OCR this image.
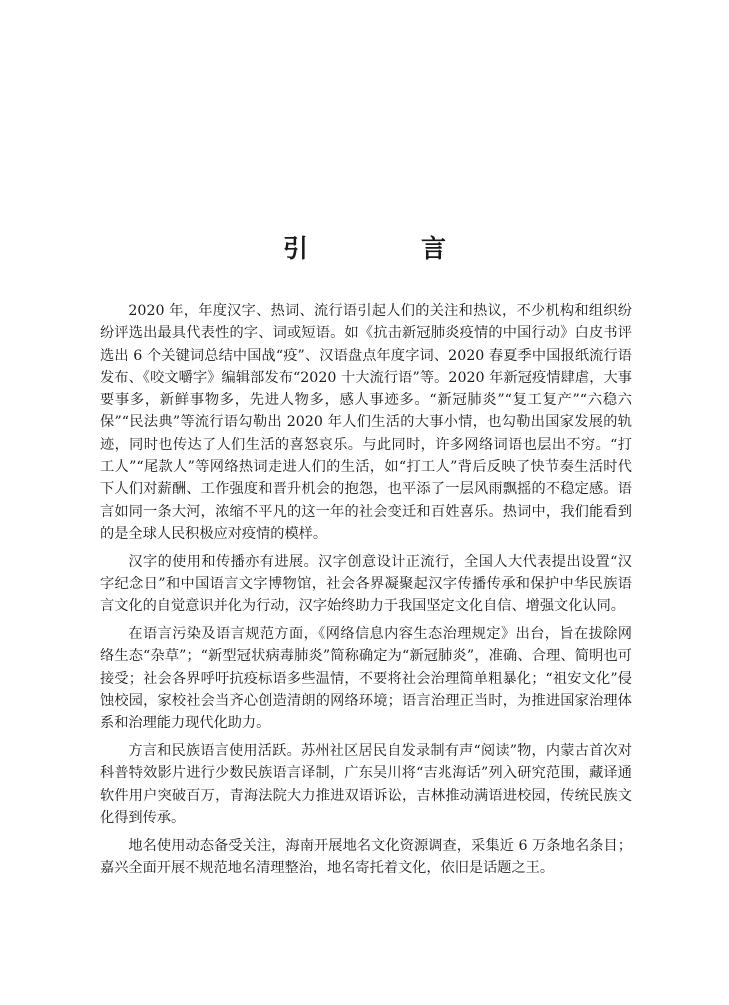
引　言

2020 年，年度汉字、热词、流行语引起人们的关注和热议，不少机构和组织纷纷评选出最具代表性的字、词或短语。如《抗击新冠肺炎疫情的中国行动》白皮书评选出 6 个关键词总结中国战“疫”、汉语盘点年度字词、2020 春夏季中国报纸流行语发布、《咬文嚼字》编辑部发布“2020 十大流行语”等。2020 年新冠疫情肆虐，大事要事多，新鲜事物多，先进人物多，感人事迹多。“新冠肺炎”“复工复产”“六稳六保”“民法典”等流行语勾勒出 2020 年人们生活的大事小情，也勾勒出国家发展的轨迹，同时也传达了人们生活的喜怒哀乐。与此同时，许多网络词语也层出不穷。“打工人”“尾款人”等网络热词走进人们的生活，如“打工人”背后反映了快节奏生活时代下人们对薪酬、工作强度和晋升机会的抱怨，也平添了一层风雨飘摇的不稳定感。语言如同一条大河，浓缩不平凡的这一年的社会变迁和百姓喜乐。热词中，我们能看到的是全球人民积极应对疫情的模样。

汉字的使用和传播亦有进展。汉字创意设计正流行，全国人大代表提出设置“汉字纪念日”和中国语言文字博物馆，社会各界凝聚起汉字传播传承和保护中华民族语言文化的自觉意识并化为行动，汉字始终助力于我国坚定文化自信、增强文化认同。

在语言污染及语言规范方面，《网络信息内容生态治理规定》出台，旨在拔除网络生态“杂草”；“新型冠状病毒肺炎”简称确定为“新冠肺炎”，准确、合理、简明也可接受；社会各界呼吁抗疫标语多些温情，不要将社会治理简单粗暴化；“祖安文化”侵蚀校园，家校社会当齐心创造清朗的网络环境；语言治理正当时，为推进国家治理体系和治理能力现代化助力。

方言和民族语言使用活跃。苏州社区居民自发录制有声“阅读”物，内蒙古首次对科普特效影片进行少数民族语言译制，广东吴川将“吉兆海话”列入研究范围，藏译通软件用户突破百万，青海法院大力推进双语诉讼，吉林推动满语进校园，传统民族文化得到传承。

地名使用动态备受关注，海南开展地名文化资源调查，采集近 6 万条地名条目；嘉兴全面开展不规范地名清理整治，地名寄托着文化，依旧是话题之王。
